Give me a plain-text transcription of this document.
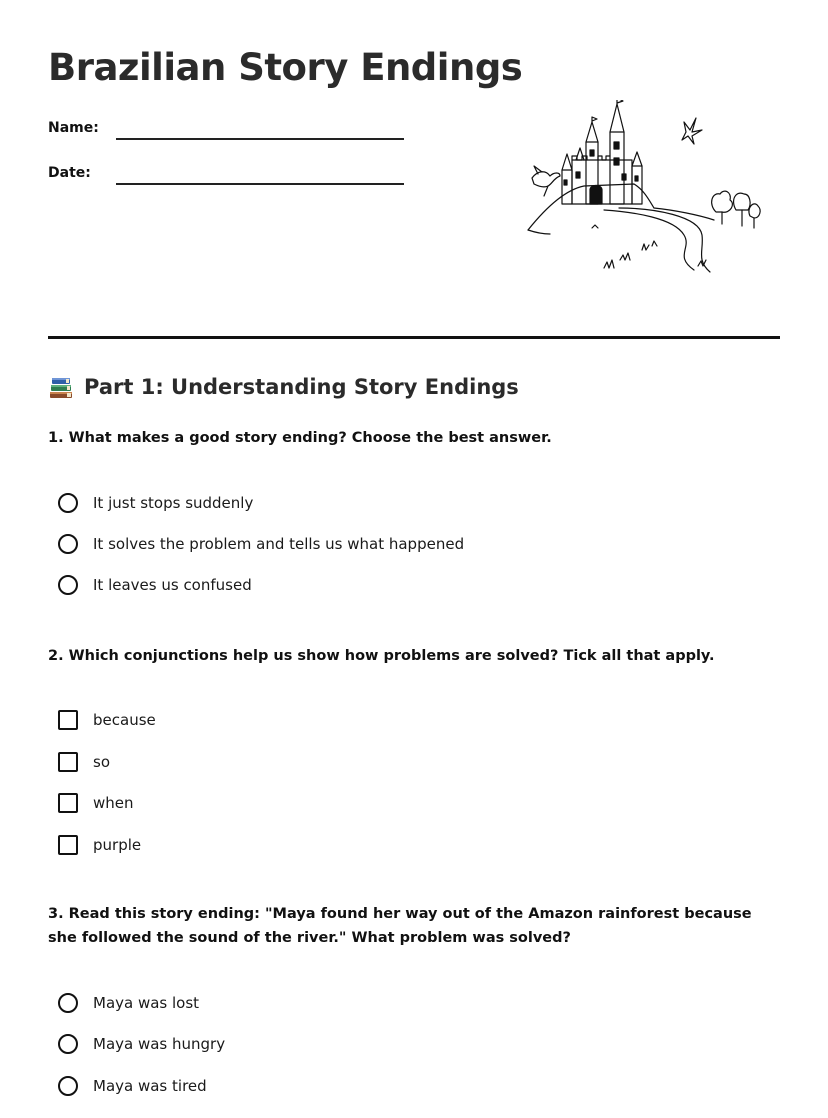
Brazilian Story Endings
Name:
Date:
Part 1: Understanding Story Endings

1. What makes a good story ending? Choose the best answer.

It just stops suddenly
It solves the problem and tells us what happened
It leaves us confused

2. Which conjunctions help us show how problems are solved? Tick all that apply.

because
so
when
purple

3. Read this story ending: "Maya found her way out of the Amazon rainforest because she followed the sound of the river." What problem was solved?

Maya was lost
Maya was hungry
Maya was tired
